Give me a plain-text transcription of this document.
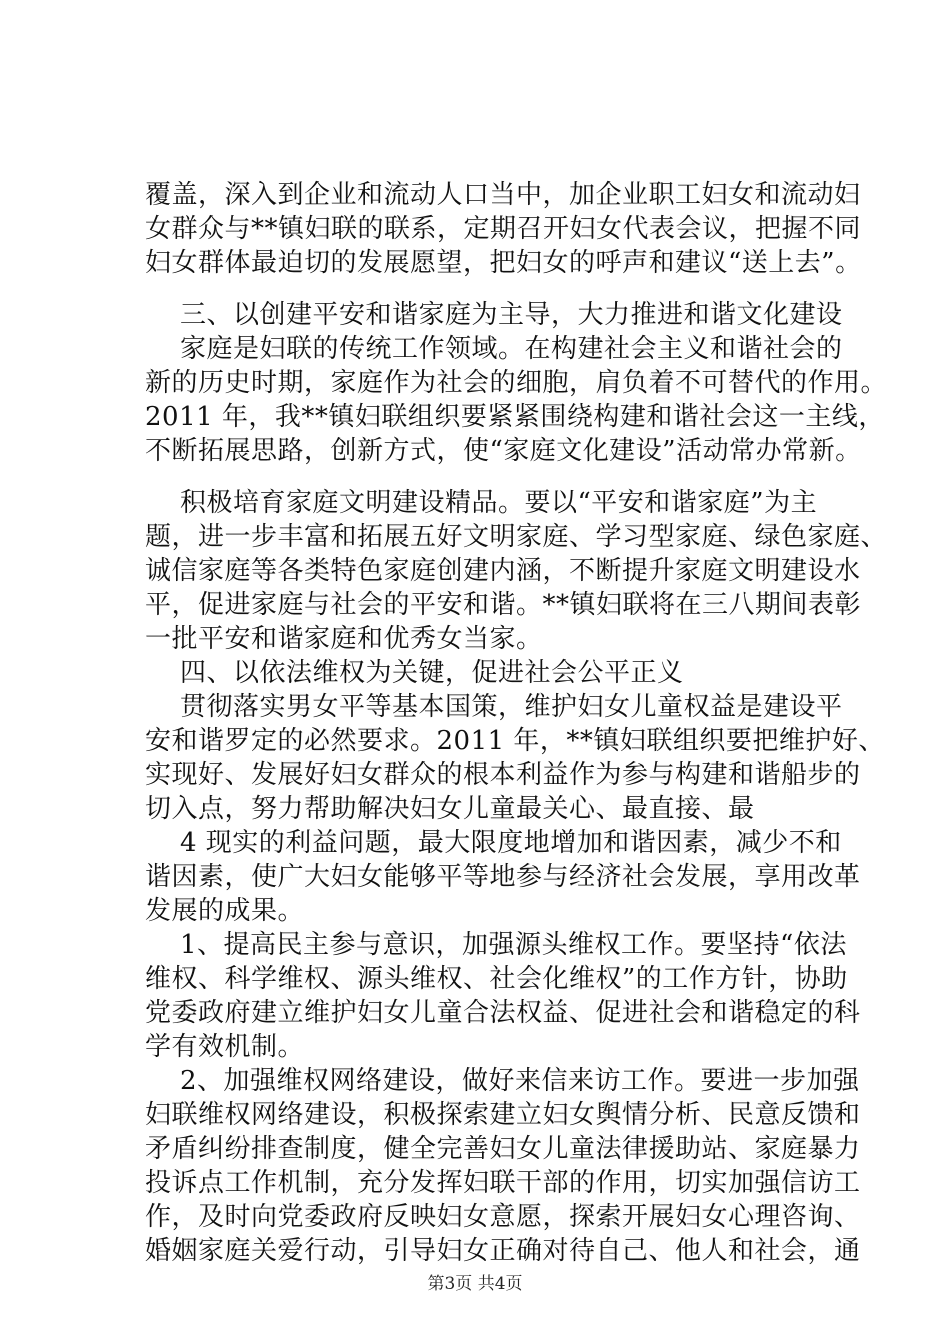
覆盖，深入到企业和流动人口当中，加企业职工妇女和流动妇
女群众与**镇妇联的联系，定期召开妇女代表会议，把握不同
妇女群体最迫切的发展愿望，把妇女的呼声和建议“送上去”。
三、以创建平安和谐家庭为主导，大力推进和谐文化建设
家庭是妇联的传统工作领域。在构建社会主义和谐社会的
新的历史时期，家庭作为社会的细胞，肩负着不可替代的作用。
2011 年，我**镇妇联组织要紧紧围绕构建和谐社会这一主线，
不断拓展思路，创新方式，使“家庭文化建设”活动常办常新。
积极培育家庭文明建设精品。要以“平安和谐家庭”为主
题，进一步丰富和拓展五好文明家庭、学习型家庭、绿色家庭、
诚信家庭等各类特色家庭创建内涵，不断提升家庭文明建设水
平，促进家庭与社会的平安和谐。**镇妇联将在三八期间表彰
一批平安和谐家庭和优秀女当家。
四、以依法维权为关键，促进社会公平正义
贯彻落实男女平等基本国策，维护妇女儿童权益是建设平
安和谐罗定的必然要求。2011 年，**镇妇联组织要把维护好、
实现好、发展好妇女群众的根本利益作为参与构建和谐船步的
切入点，努力帮助解决妇女儿童最关心、最直接、最
4 现实的利益问题，最大限度地增加和谐因素，减少不和
谐因素，使广大妇女能够平等地参与经济社会发展，享用改革
发展的成果。
1、提高民主参与意识，加强源头维权工作。要坚持“依法
维权、科学维权、源头维权、社会化维权”的工作方针，协助
党委政府建立维护妇女儿童合法权益、促进社会和谐稳定的科
学有效机制。
2、加强维权网络建设，做好来信来访工作。要进一步加强
妇联维权网络建设，积极探索建立妇女舆情分析、民意反馈和
矛盾纠纷排查制度，健全完善妇女儿童法律援助站、家庭暴力
投诉点工作机制，充分发挥妇联干部的作用，切实加强信访工
作，及时向党委政府反映妇女意愿，探索开展妇女心理咨询、
婚姻家庭关爱行动，引导妇女正确对待自己、他人和社会，通
第3页 共4页
